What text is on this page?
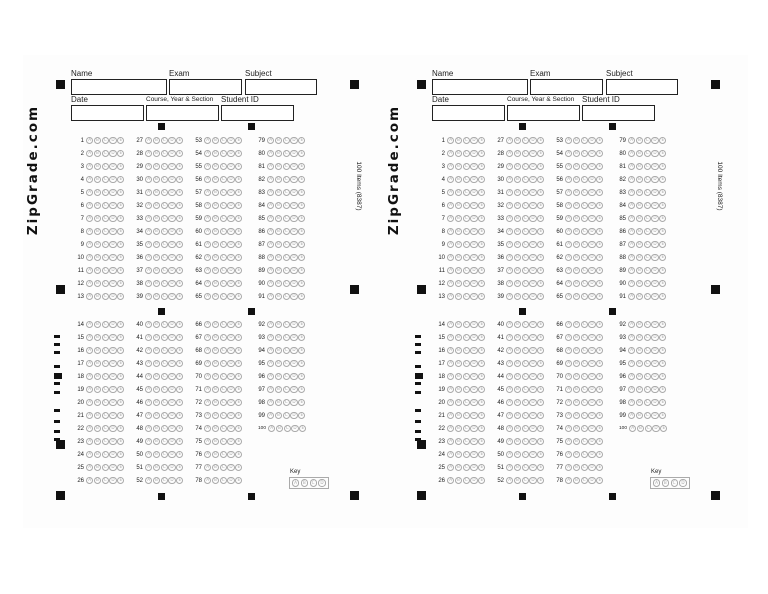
Name	Exam	Subject
Date	Course, Year & Section Student ID
ZipGrade.com	100 Items (8387)
1	A	B	C	D	E
2	A	B	C	D	E
3	A	B	C	D	E
4	A	B	C	D	E
5	A	B	C	D	E
6	A	B	C	D	E
7	A	B	C	D	E
8	A	B	C	D	E
9	A	B	C	D	E
10	A	B	C	D	E
11	A	B	C	D	E
12	A	B	C	D	E
13	A	B	C	D	E
14	A	B	C	D	E
15	A	B	C	D	E
16	A	B	C	D	E
17	A	B	C	D	E
18	A	B	C	D	E
19	A	B	C	D	E
20	A	B	C	D	E
21	A	B	C	D	E
22	A	B	C	D	E
23	A	B	C	D	E
24	A	B	C	D	E
25	A	B	C	D	E
26	A	B	C	D	E
27	A	B	C	D	E
28	A	B	C	D	E
29	A	B	C	D	E
30	A	B	C	D	E
31	A	B	C	D	E
32	A	B	C	D	E
33	A	B	C	D	E
34	A	B	C	D	E
35	A	B	C	D	E
36	A	B	C	D	E
37	A	B	C	D	E
38	A	B	C	D	E
39	A	B	C	D	E
40	A	B	C	D	E
41	A	B	C	D	E
42	A	B	C	D	E
43	A	B	C	D	E
44	A	B	C	D	E
45	A	B	C	D	E
46	A	B	C	D	E
47	A	B	C	D	E
48	A	B	C	D	E
49	A	B	C	D	E
50	A	B	C	D	E
51	A	B	C	D	E
52	A	B	C	D	E
53	A	B	C	D	E
54	A	B	C	D	E
55	A	B	C	D	E
56	A	B	C	D	E
57	A	B	C	D	E
58	A	B	C	D	E
59	A	B	C	D	E
60	A	B	C	D	E
61	A	B	C	D	E
62	A	B	C	D	E
63	A	B	C	D	E
64	A	B	C	D	E
65	A	B	C	D	E
66	A	B	C	D	E
67	A	B	C	D	E
68	A	B	C	D	E
69	A	B	C	D	E
70	A	B	C	D	E
71	A	B	C	D	E
72	A	B	C	D	E
73	A	B	C	D	E
74	A	B	C	D	E
75	A	B	C	D	E
76	A	B	C	D	E
77	A	B	C	D	E
78	A	B	C	D	E
79	A	B	C	D	E
80	A	B	C	D	E
81	A	B	C	D	E
82	A	B	C	D	E
83	A	B	C	D	E
84	A	B	C	D	E
85	A	B	C	D	E
86	A	B	C	D	E
87	A	B	C	D	E
88	A	B	C	D	E
89	A	B	C	D	E
90	A	B	C	D	E
91	A	B	C	D	E
92	A	B	C	D	E
93	A	B	C	D	E
94	A	B	C	D	E
95	A	B	C	D	E
96	A	B	C	D	E
97	A	B	C	D	E
98	A	B	C	D	E
99	A	B	C	D	E
100	A	B	C	D	E
Key
A	B	C	D
Name	Exam	Subject
Date	Course, Year & Section Student ID
ZipGrade.com	100 Items (8387)
1	A	B	C	D	E
2	A	B	C	D	E
3	A	B	C	D	E
4	A	B	C	D	E
5	A	B	C	D	E
6	A	B	C	D	E
7	A	B	C	D	E
8	A	B	C	D	E
9	A	B	C	D	E
10	A	B	C	D	E
11	A	B	C	D	E
12	A	B	C	D	E
13	A	B	C	D	E
14	A	B	C	D	E
15	A	B	C	D	E
16	A	B	C	D	E
17	A	B	C	D	E
18	A	B	C	D	E
19	A	B	C	D	E
20	A	B	C	D	E
21	A	B	C	D	E
22	A	B	C	D	E
23	A	B	C	D	E
24	A	B	C	D	E
25	A	B	C	D	E
26	A	B	C	D	E
27	A	B	C	D	E
28	A	B	C	D	E
29	A	B	C	D	E
30	A	B	C	D	E
31	A	B	C	D	E
32	A	B	C	D	E
33	A	B	C	D	E
34	A	B	C	D	E
35	A	B	C	D	E
36	A	B	C	D	E
37	A	B	C	D	E
38	A	B	C	D	E
39	A	B	C	D	E
40	A	B	C	D	E
41	A	B	C	D	E
42	A	B	C	D	E
43	A	B	C	D	E
44	A	B	C	D	E
45	A	B	C	D	E
46	A	B	C	D	E
47	A	B	C	D	E
48	A	B	C	D	E
49	A	B	C	D	E
50	A	B	C	D	E
51	A	B	C	D	E
52	A	B	C	D	E
53	A	B	C	D	E
54	A	B	C	D	E
55	A	B	C	D	E
56	A	B	C	D	E
57	A	B	C	D	E
58	A	B	C	D	E
59	A	B	C	D	E
60	A	B	C	D	E
61	A	B	C	D	E
62	A	B	C	D	E
63	A	B	C	D	E
64	A	B	C	D	E
65	A	B	C	D	E
66	A	B	C	D	E
67	A	B	C	D	E
68	A	B	C	D	E
69	A	B	C	D	E
70	A	B	C	D	E
71	A	B	C	D	E
72	A	B	C	D	E
73	A	B	C	D	E
74	A	B	C	D	E
75	A	B	C	D	E
76	A	B	C	D	E
77	A	B	C	D	E
78	A	B	C	D	E
79	A	B	C	D	E
80	A	B	C	D	E
81	A	B	C	D	E
82	A	B	C	D	E
83	A	B	C	D	E
84	A	B	C	D	E
85	A	B	C	D	E
86	A	B	C	D	E
87	A	B	C	D	E
88	A	B	C	D	E
89	A	B	C	D	E
90	A	B	C	D	E
91	A	B	C	D	E
92	A	B	C	D	E
93	A	B	C	D	E
94	A	B	C	D	E
95	A	B	C	D	E
96	A	B	C	D	E
97	A	B	C	D	E
98	A	B	C	D	E
99	A	B	C	D	E
100	A	B	C	D	E
Key
A	B	C	D
